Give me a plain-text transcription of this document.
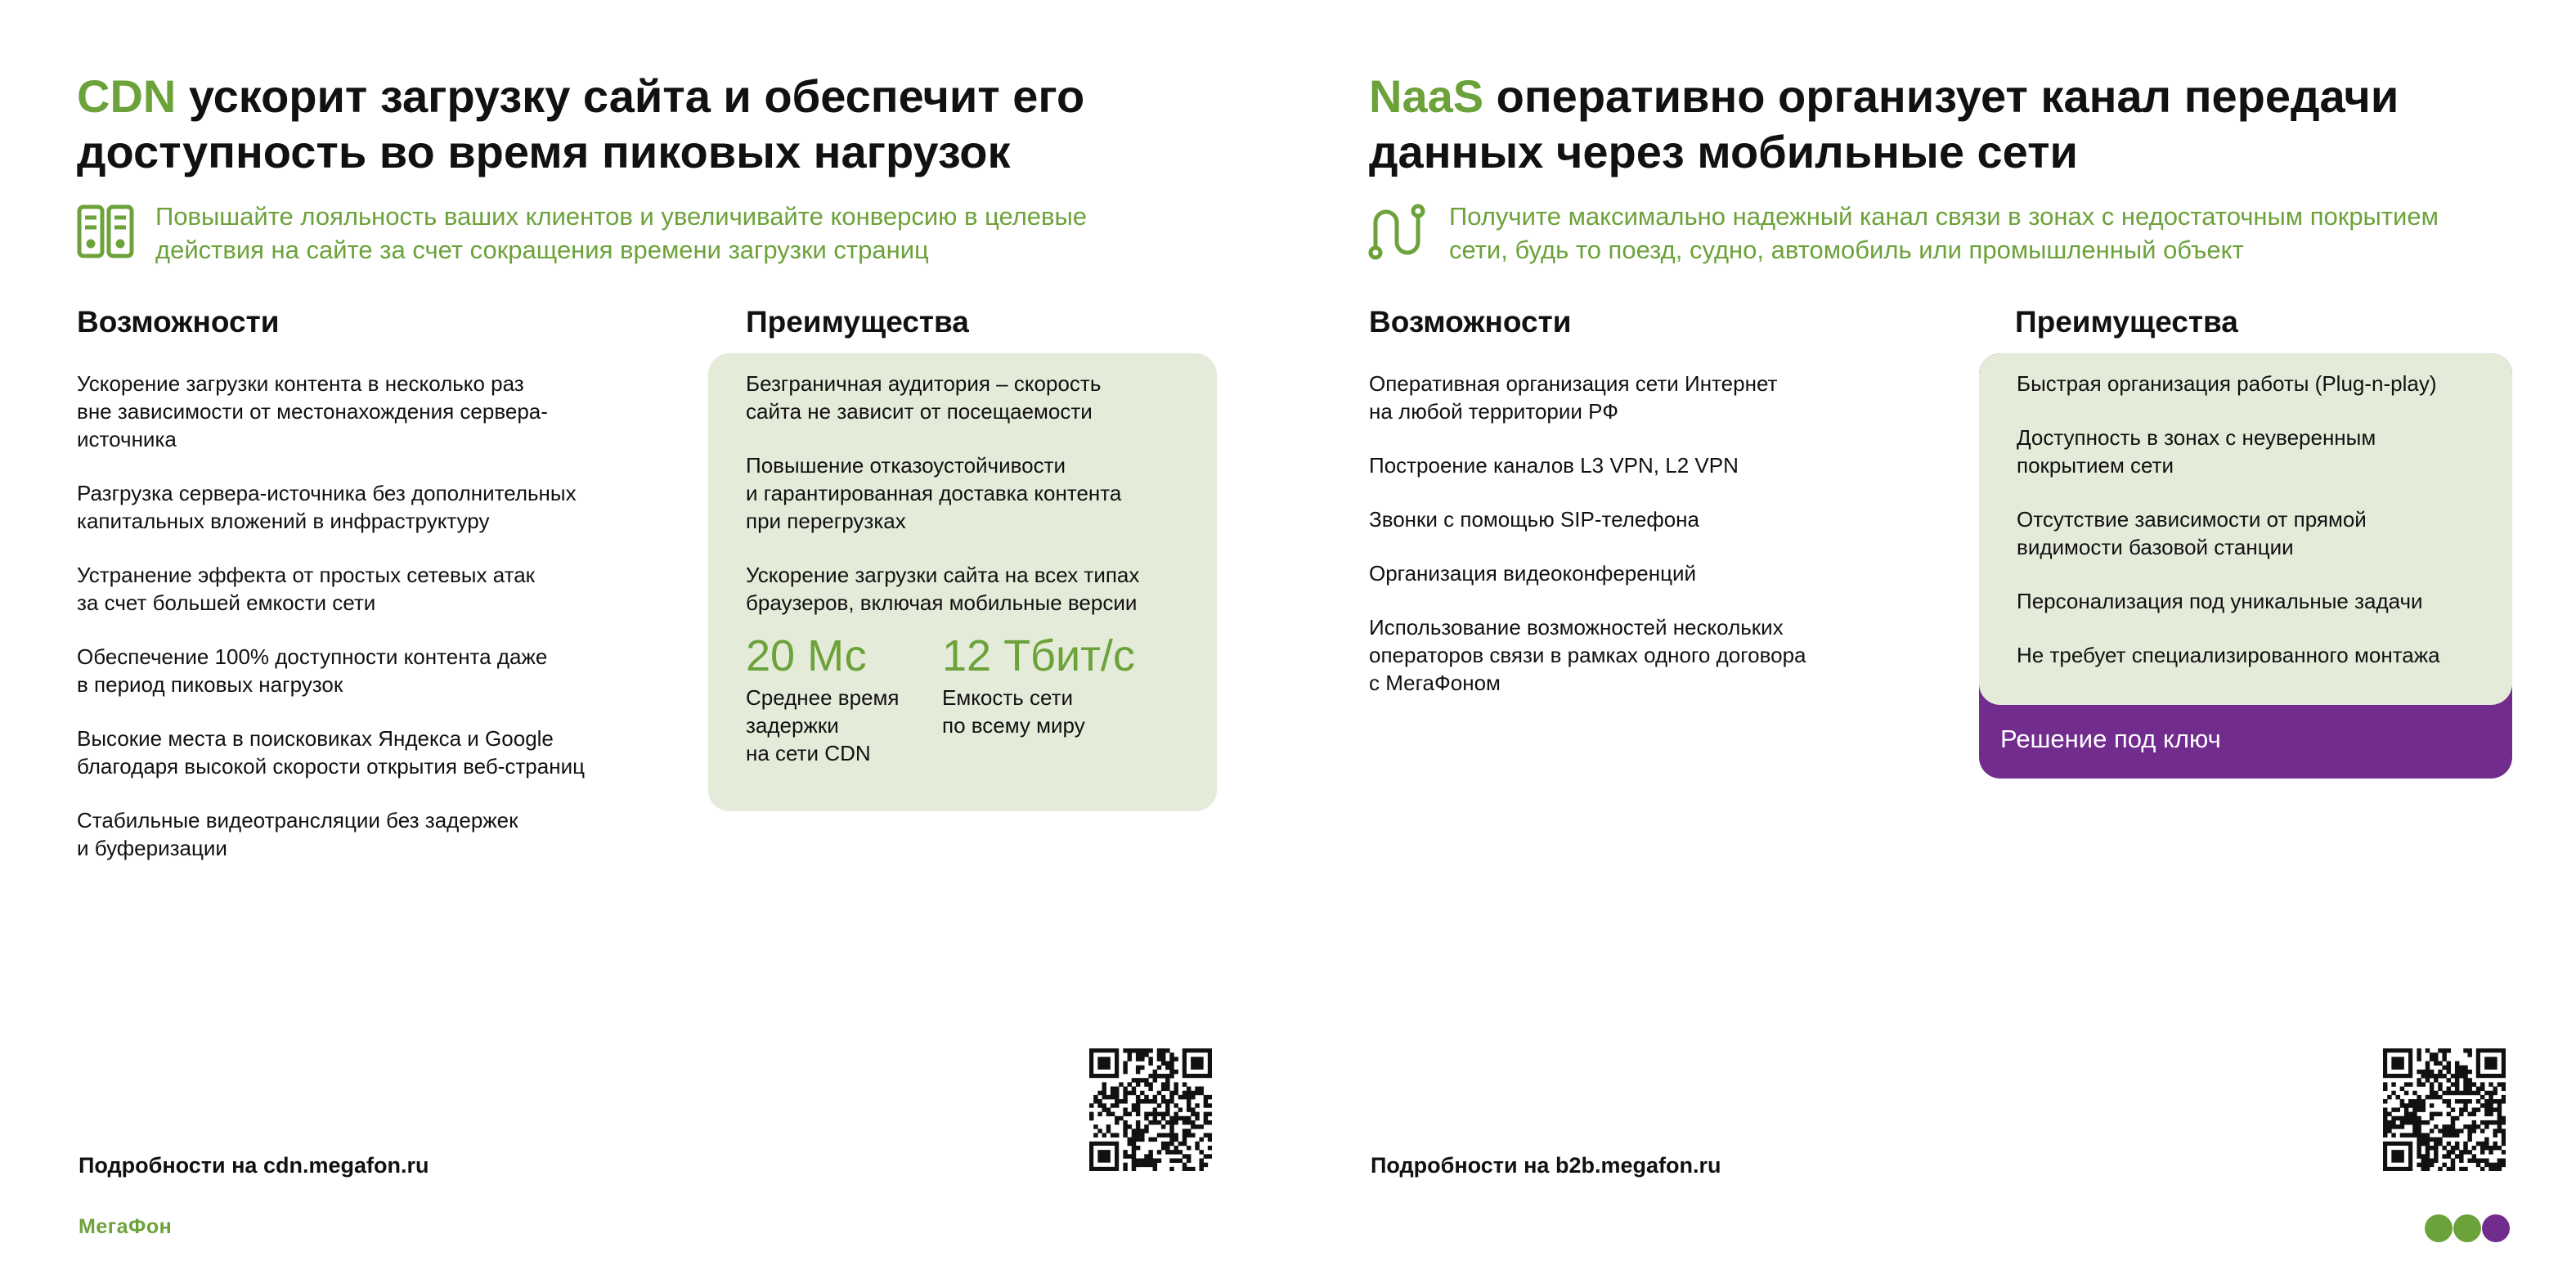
CDN ускорит загрузку сайта и обеспечит его доступность во время пиковых нагрузок
Повышайте лояльность ваших клиентов и увеличивайте конверсию в целевые действия на сайте за счет сокращения времени загрузки страниц
Возможности
Ускорение загрузки контента в несколько раз
вне зависимости от местонахождения сервера-
источника
Разгрузка сервера-источника без дополнительных
капитальных вложений в инфраструктуру
Устранение эффекта от простых сетевых атак
за счет большей емкости сети
Обеспечение 100% доступности контента даже
в период пиковых нагрузок
Высокие места в поисковиках Яндекса и Google
благодаря высокой скорости открытия веб-страниц
Стабильные видеотрансляции без задержек
и буферизации
Преимущества
Безграничная аудитория – скорость
сайта не зависит от посещаемости
Повышение отказоустойчивости
и гарантированная доставка контента
при перегрузках
Ускорение загрузки сайта на всех типах
браузеров, включая мобильные версии
20 Мс
Среднее время
задержки
на сети CDN
12 Тбит/с
Емкость сети
по всему миру
Подробности на cdn.megafon.ru
МегаФон
NaaS оперативно организует канал передачи данных через мобильные сети
Получите максимально надежный канал связи в зонах с недостаточным покрытием сети, будь то поезд, судно, автомобиль или промышленный объект
Возможности
Оперативная организация сети Интернет
на любой территории РФ
Построение каналов L3 VPN, L2 VPN
Звонки с помощью SIP-телефона
Организация видеоконференций
Использование возможностей нескольких
операторов связи в рамках одного договора
с МегаФоном
Преимущества
Быстрая организация работы (Plug-n-play)
Доступность в зонах с неуверенным
покрытием сети
Отсутствие зависимости от прямой
видимости базовой станции
Персонализация под уникальные задачи
Не требует специализированного монтажа
Решение под ключ
Подробности на b2b.megafon.ru
